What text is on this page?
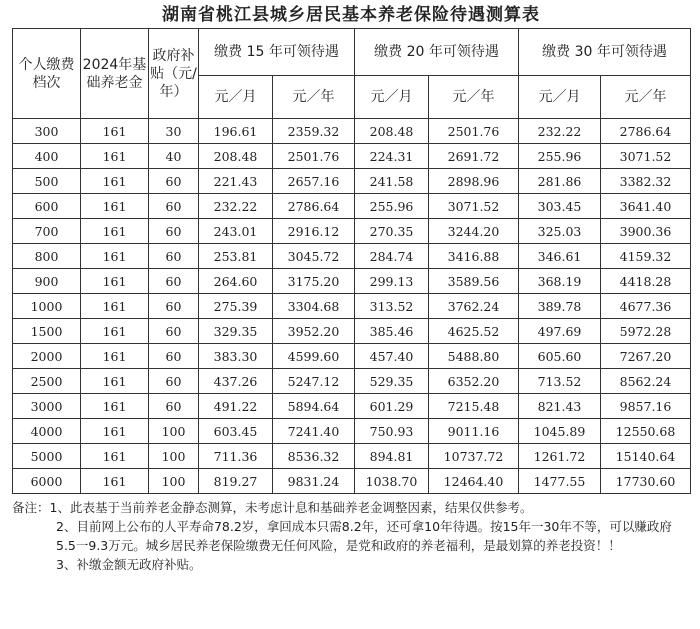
湖南省桃江县城乡居民基本养老保险待遇测算表
个人缴费档次	2024年基础养老金	政府补贴（元/年）	缴费 15 年可领待遇		缴费 20 年可领待遇		缴费 30 年可领待遇	
			元／月	元／年	元／月	元／年	元／月	元／年
300	161	30	196.61	2359.32	208.48	2501.76	232.22	2786.64
400	161	40	208.48	2501.76	224.31	2691.72	255.96	3071.52
500	161	60	221.43	2657.16	241.58	2898.96	281.86	3382.32
600	161	60	232.22	2786.64	255.96	3071.52	303.45	3641.40
700	161	60	243.01	2916.12	270.35	3244.20	325.03	3900.36
800	161	60	253.81	3045.72	284.74	3416.88	346.61	4159.32
900	161	60	264.60	3175.20	299.13	3589.56	368.19	4418.28
1000	161	60	275.39	3304.68	313.52	3762.24	389.78	4677.36
1500	161	60	329.35	3952.20	385.46	4625.52	497.69	5972.28
2000	161	60	383.30	4599.60	457.40	5488.80	605.60	7267.20
2500	161	60	437.26	5247.12	529.35	6352.20	713.52	8562.24
3000	161	60	491.22	5894.64	601.29	7215.48	821.43	9857.16
4000	161	100	603.45	7241.40	750.93	9011.16	1045.89	12550.68
5000	161	100	711.36	8536.32	894.81	10737.72	1261.72	15140.64
6000	161	100	819.27	9831.24	1038.70	12464.40	1477.55	17730.60

备注：1、此表基于当前养老金静态测算，未考虑计息和基础养老金调整因素，结果仅供参考。

2、目前网上公布的人平寿命78.2岁，拿回成本只需8.2年，还可拿10年待遇。按15年一30年不等，可以赚政府5.5一9.3万元。城乡居民养老保险缴费无任何风险，是党和政府的养老福利，是最划算的养老投资！！

3、补缴金额无政府补贴。
